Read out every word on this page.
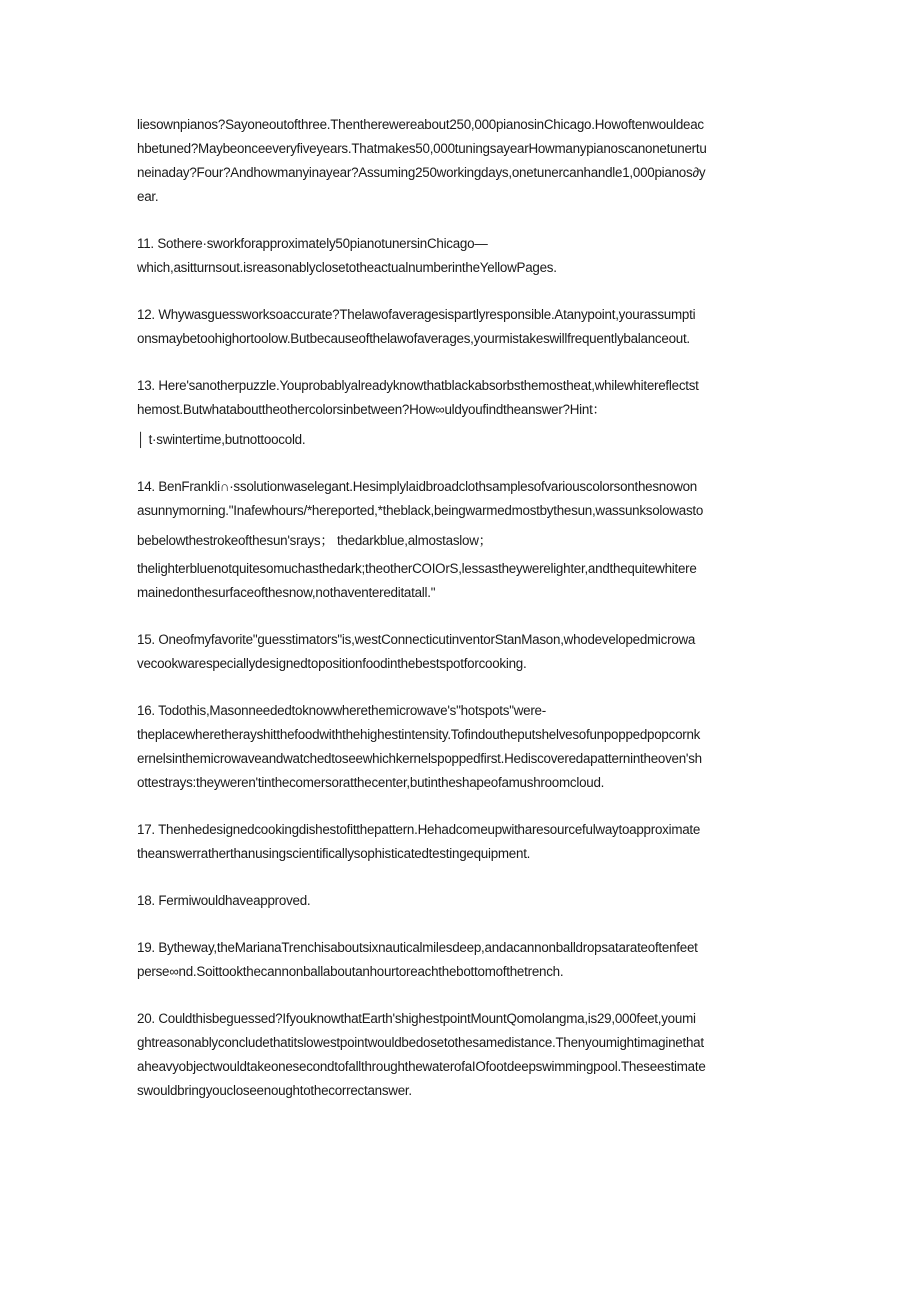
liesownpianos?Sayoneoutofthree.Thentherewereabout250,000pianosinChicago.Howoftenwouldeac
hbetuned?Maybeonceeveryfiveyears.Thatmakes50,000tuningsayearHowmanypianoscanonetunertu
neinaday?Four?Andhowmanyinayear?Assuming250workingdays,onetunercanhandle1,000pianos∂y
ear.
11. Sothere·sworkforapproximately50pianotunersinChicago—
which,asitturnsout.isreasonablyclosetotheactualnumberintheYellowPages.
12. Whywasguessworksoaccurate?Thelawofaveragesispartlyresponsible.Atanypoint,yourassumpti
onsmaybetoohighortoolow.Butbecauseofthelawofaverages,yourmistakeswillfrequentlybalanceout.
13. Here'sanotherpuzzle.Youprobablyalreadyknowthatblackabsorbsthemostheat,whilewhitereflectst
hemost.Butwhataboutthe​othercolorsinbetween?How∞uldyoufindtheanswer?Hint：
│ t·swintertime,butnottoocold.
14. BenFrankli∩·ssolutionwaselegant.Hesimplylaidbroadclothsamplesofvariouscolorsonthesnowon
asunnymorning."Inafewhours/*hereported,*theblack,beingwarmedmostbythesun,wassunksolowasto
bebelowthestrokeofthesun'srays； thedarkblue,almostaslow；
thelighterbluenotquitesomuchasthedark;theotherCOIOrS,lessastheywerelighter,andthequitewhitere
mainedonthesurfaceofthesnow,nothaventereditatall."
15. Oneofmyfavorite"guesstimators"is,westConnecticutinventorStanMason,whodevelopedmicrowa
vecookwarespeciallydesignedtopositionfoodinthebestspotforcooking.
16. Todothis,Masonneededtoknowwherethemicrowave's"hotspots"were-
theplacewheretherayshitthefoodwiththehighestintensity.Tofindoutheputshelvesofunpoppedpopcornk
ernelsinthemicrowaveandwatchedtoseewhichkernelspoppedfirst.Hediscoveredapatternintheoven'sh
ottestrays:theyweren'tinthecomersoratthecenter,butintheshapeofamushroomcloud.
17. Thenhedesignedcookingdishestofitthepattern.Hehadcomeupwitharesourcefulwaytoapproximate
theanswerratherthanusingscientificallysophisticatedtestingequipment.
18. Fermiwouldhaveapproved.
19. Bytheway,theMarianaTrenchisaboutsixnauticalmilesdeep,andacannonballdropsatarateoftenfeet
perse∞nd.Soittookthecannonballaboutanhourtoreachthebottomofthetrench.
20. Couldthisbeguessed?IfyouknowthatEarth'shighestpointMountQomolangma,is29,000feet,youmi
ghtreasonablyconcludethatitslowestpointwouldbedosetothesamedistance.Thenyoumightimaginethat
aheavyobjectwouldtakeonesecondtofallthroughthewaterofaIOfootdeepswimmingpool.Theseestimate
swouldbringyoucloseenoughtothecorrectanswer.
